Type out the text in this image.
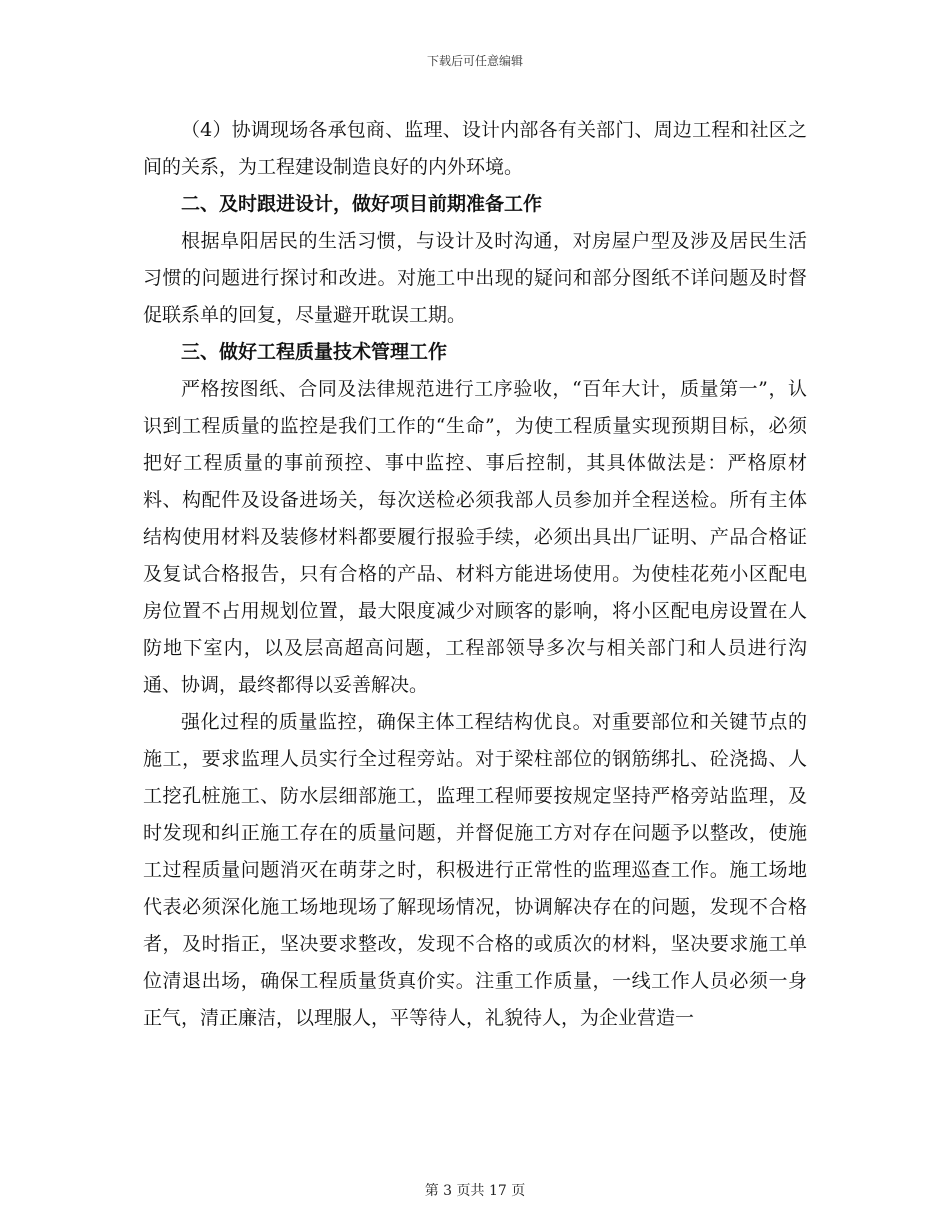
下载后可任意编辑

（4）协调现场各承包商、监理、设计内部各有关部门、周边工程和社区之间的关系，为工程建设制造良好的内外环境。

二、及时跟进设计，做好项目前期准备工作

根据阜阳居民的生活习惯，与设计及时沟通，对房屋户型及涉及居民生活习惯的问题进行探讨和改进。对施工中出现的疑问和部分图纸不详问题及时督促联系单的回复，尽量避开耽误工期。

三、做好工程质量技术管理工作

严格按图纸、合同及法律规范进行工序验收，“百年大计，质量第一”，认识到工程质量的监控是我们工作的“生命”，为使工程质量实现预期目标，必须把好工程质量的事前预控、事中监控、事后控制，其具体做法是：严格原材料、构配件及设备进场关，每次送检必须我部人员参加并全程送检。所有主体结构使用材料及装修材料都要履行报验手续，必须出具出厂证明、产品合格证及复试合格报告，只有合格的产品、材料方能进场使用。为使桂花苑小区配电房位置不占用规划位置，最大限度减少对顾客的影响，将小区配电房设置在人防地下室内，以及层高超高问题，工程部领导多次与相关部门和人员进行沟通、协调，最终都得以妥善解决。

强化过程的质量监控，确保主体工程结构优良。对重要部位和关键节点的施工，要求监理人员实行全过程旁站。对于梁柱部位的钢筋绑扎、砼浇捣、人工挖孔桩施工、防水层细部施工，监理工程师要按规定坚持严格旁站监理，及时发现和纠正施工存在的质量问题，并督促施工方对存在问题予以整改，使施工过程质量问题消灭在萌芽之时，积极进行正常性的监理巡查工作。施工场地代表必须深化施工场地现场了解现场情况，协调解决存在的问题，发现不合格者，及时指正，坚决要求整改，发现不合格的或质次的材料，坚决要求施工单位清退出场，确保工程质量货真价实。注重工作质量，一线工作人员必须一身正气，清正廉洁，以理服人，平等待人，礼貌待人，为企业营造一

第 3 页共 17 页
